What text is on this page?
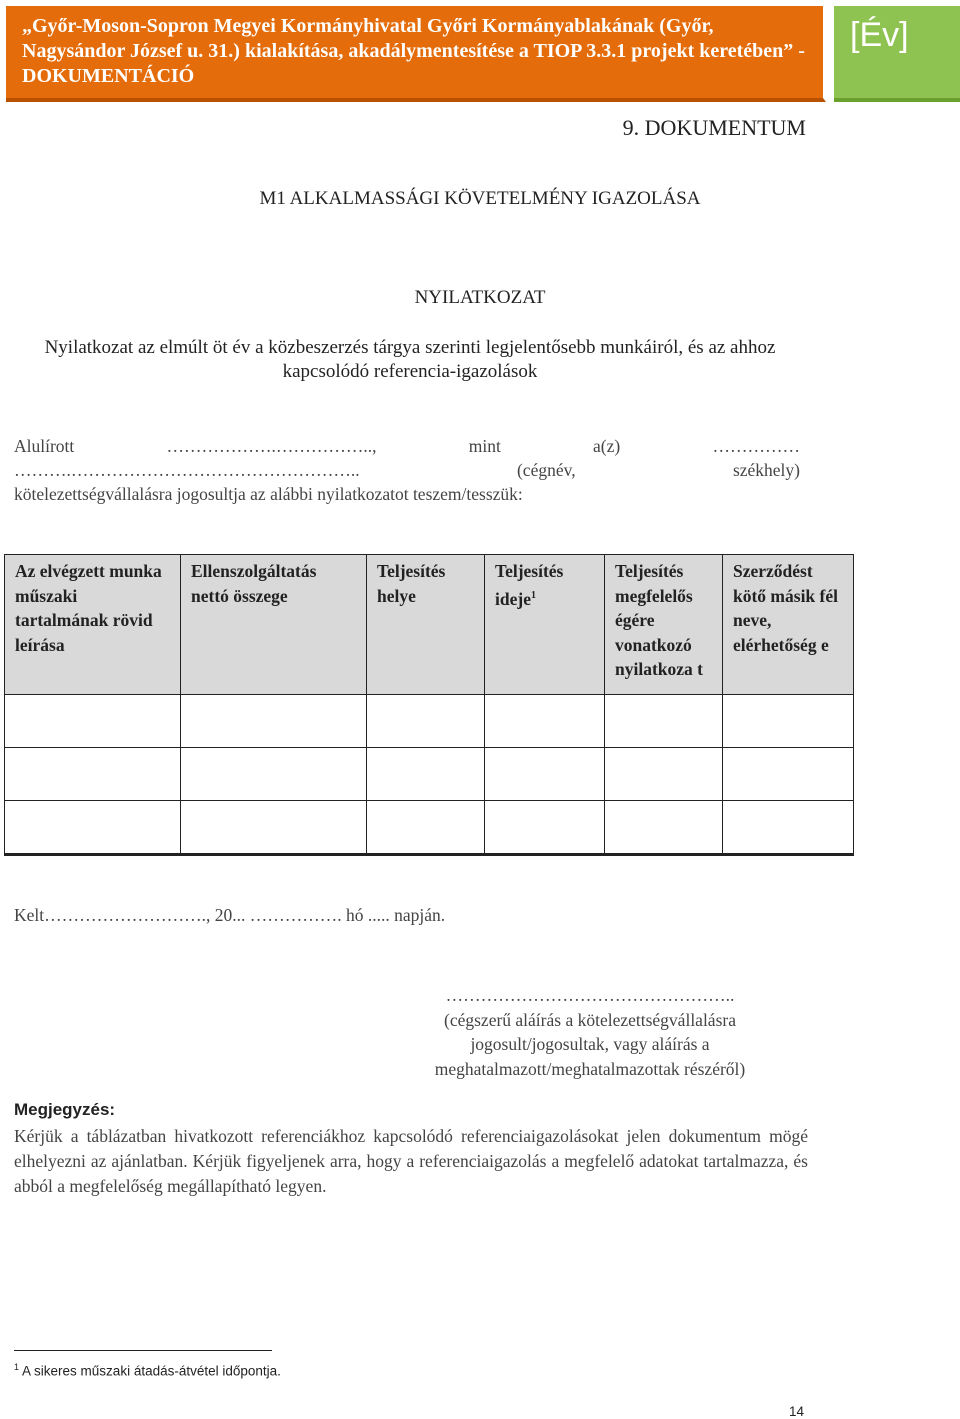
„Győr-Moson-Sopron Megyei Kormányhivatal Győri Kormányablakának (Győr, Nagysándor József u. 31.) kialakítása, akadálymentesítése a TIOP 3.3.1 projekt keretében” - DOKUMENTÁCIÓ
[Év]
9. DOKUMENTUM
M1 ALKALMASSÁGI KÖVETELMÉNY IGAZOLÁSA
NYILATKOZAT
Nyilatkozat az elmúlt öt év a közbeszerzés tárgya szerinti legjelentősebb munkáiról, és az ahhoz kapcsolódó referencia-igazolások
Alulírott	……………….……………..,	mint	a(z)	……………
……….…………………………………………..	(cégnév,	székhely)
kötelezettségvállalásra jogosultja az alábbi nyilatkozatot teszem/tesszük:
Az elvégzett munka műszaki tartalmának rövid leírása	Ellenszolgáltatás nettó összege	Teljesítés helye	Teljesítés ideje$^1$	Teljesítés megfelelős égére vonatkozó nyilatkoza t	Szerződést kötő másik fél neve, elérhetőség e

Kelt………………………., 20... ……………. hó ..... napján.
…………………………………………..
(cégszerű aláírás a kötelezettségvállalásra jogosult/jogosultak, vagy aláírás a meghatalmazott/meghatalmazottak részéről)
Megjegyzés:
Kérjük a táblázatban hivatkozott referenciákhoz kapcsolódó referenciaigazolásokat jelen dokumentum mögé elhelyezni az ajánlatban. Kérjük figyeljenek arra, hogy a referenciaigazolás a megfelelő adatokat tartalmazza, és abból a megfelelőség megállapítható legyen.
$^1$ A sikeres műszaki átadás-átvétel időpontja.
14
